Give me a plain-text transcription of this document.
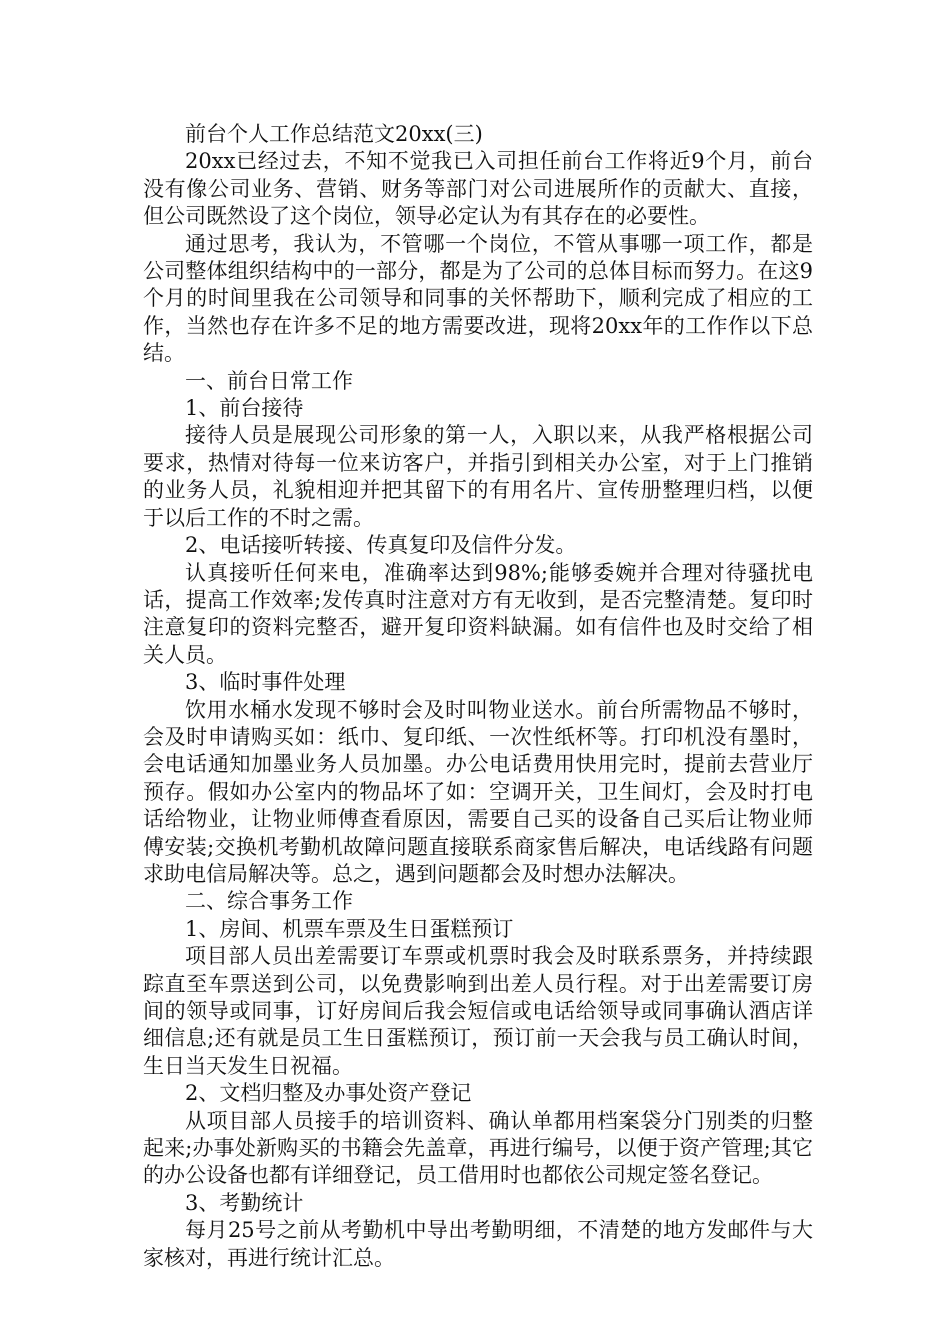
前台个人工作总结范文20xx(三)

20xx已经过去，不知不觉我已入司担任前台工作将近9个月，前台没有像公司业务、营销、财务等部门对公司进展所作的贡献大、直接，但公司既然设了这个岗位，领导必定认为有其存在的必要性。

通过思考，我认为，不管哪一个岗位，不管从事哪一项工作，都是公司整体组织结构中的一部分，都是为了公司的总体目标而努力。在这9个月的时间里我在公司领导和同事的关怀帮助下，顺利完成了相应的工作，当然也存在许多不足的地方需要改进，现将20xx年的工作作以下总结。

一、前台日常工作

1、前台接待

接待人员是展现公司形象的第一人，入职以来，从我严格根据公司要求，热情对待每一位来访客户，并指引到相关办公室，对于上门推销的业务人员，礼貌相迎并把其留下的有用名片、宣传册整理归档，以便于以后工作的不时之需。

2、电话接听转接、传真复印及信件分发。

认真接听任何来电，准确率达到98%;能够委婉并合理对待骚扰电话，提高工作效率;发传真时注意对方有无收到，是否完整清楚。复印时注意复印的资料完整否，避开复印资料缺漏。如有信件也及时交给了相关人员。

3、临时事件处理

饮用水桶水发现不够时会及时叫物业送水。前台所需物品不够时，会及时申请购买如：纸巾、复印纸、一次性纸杯等。打印机没有墨时，会电话通知加墨业务人员加墨。办公电话费用快用完时，提前去营业厅预存。假如办公室内的物品坏了如：空调开关，卫生间灯，会及时打电话给物业，让物业师傅查看原因，需要自己买的设备自己买后让物业师傅安装;交换机考勤机故障问题直接联系商家售后解决，电话线路有问题求助电信局解决等。总之，遇到问题都会及时想办法解决。

二、综合事务工作

1、房间、机票车票及生日蛋糕预订

项目部人员出差需要订车票或机票时我会及时联系票务，并持续跟踪直至车票送到公司，以免费影响到出差人员行程。对于出差需要订房间的领导或同事，订好房间后我会短信或电话给领导或同事确认酒店详细信息;还有就是员工生日蛋糕预订，预订前一天会我与员工确认时间，生日当天发生日祝福。

2、文档归整及办事处资产登记

从项目部人员接手的培训资料、确认单都用档案袋分门别类的归整起来;办事处新购买的书籍会先盖章，再进行编号，以便于资产管理;其它的办公设备也都有详细登记，员工借用时也都依公司规定签名登记。

3、考勤统计

每月25号之前从考勤机中导出考勤明细，不清楚的地方发邮件与大家核对，再进行统计汇总。
